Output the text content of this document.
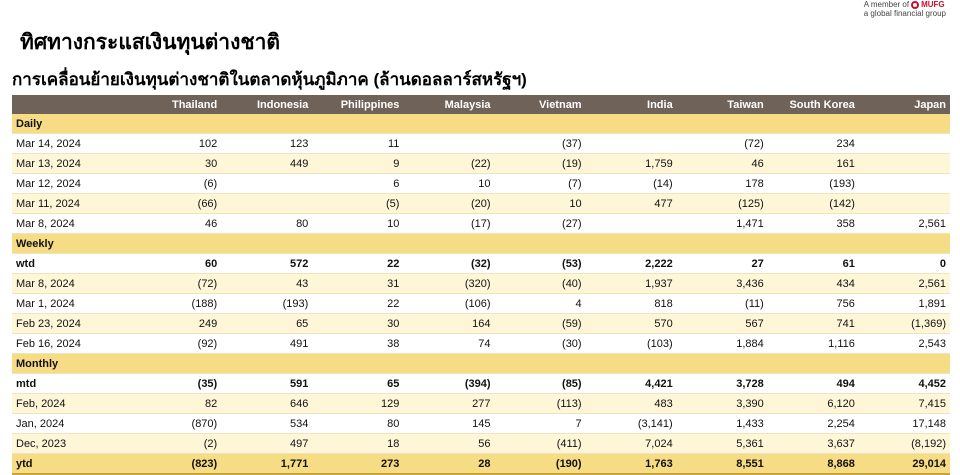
A member of MUFG
a global financial group
ทิศทางกระแสเงินทุนต่างชาติ
การเคลื่อนย้ายเงินทุนต่างชาติในตลาดหุ้นภูมิภาค (ล้านดอลลาร์สหรัฐฯ)
	Thailand	Indonesia	Philippines	Malaysia	Vietnam	India	Taiwan	South Korea	Japan
Daily									
Mar 14, 2024	102	123	11		(37)		(72)	234	
Mar 13, 2024	30	449	9	(22)	(19)	1,759	46	161	
Mar 12, 2024	(6)		6	10	(7)	(14)	178	(193)	
Mar 11, 2024	(66)		(5)	(20)	10	477	(125)	(142)	
Mar 8, 2024	46	80	10	(17)	(27)		1,471	358	2,561
Weekly									
wtd	60	572	22	(32)	(53)	2,222	27	61	0
Mar 8, 2024	(72)	43	31	(320)	(40)	1,937	3,436	434	2,561
Mar 1, 2024	(188)	(193)	22	(106)	4	818	(11)	756	1,891
Feb 23, 2024	249	65	30	164	(59)	570	567	741	(1,369)
Feb 16, 2024	(92)	491	38	74	(30)	(103)	1,884	1,116	2,543
Monthly									
mtd	(35)	591	65	(394)	(85)	4,421	3,728	494	4,452
Feb, 2024	82	646	129	277	(113)	483	3,390	6,120	7,415
Jan, 2024	(870)	534	80	145	7	(3,141)	1,433	2,254	17,148
Dec, 2023	(2)	497	18	56	(411)	7,024	5,361	3,637	(8,192)
ytd	(823)	1,771	273	28	(190)	1,763	8,551	8,868	29,014
